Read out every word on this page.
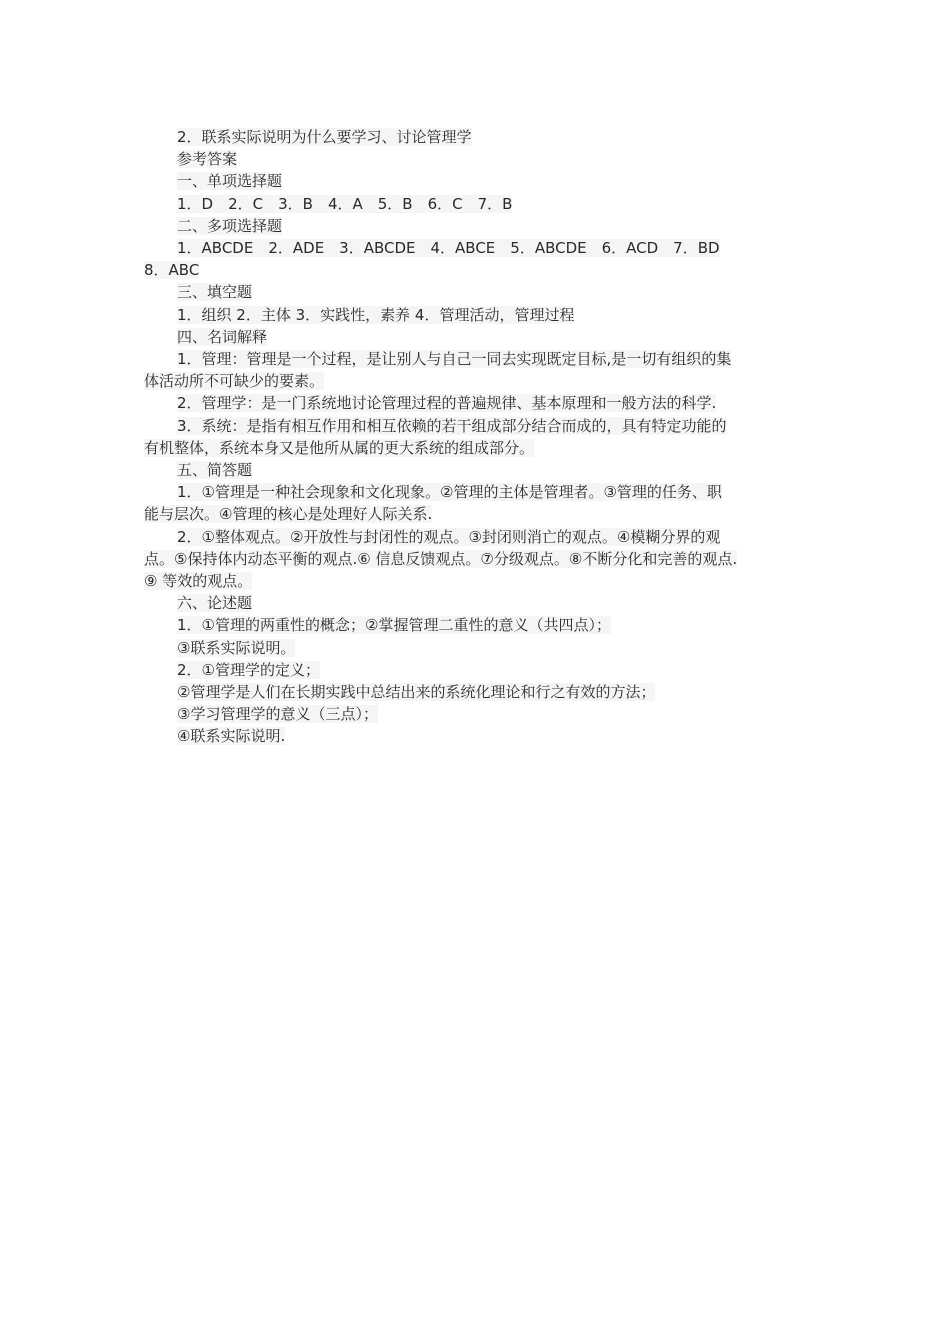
2．联系实际说明为什么要学习、讨论管理学
参考答案
一、单项选择题
1．D　2．C　3．B　4．A　5．B　6．C　7．B
二、多项选择题
1．ABCDE　2．ADE　3．ABCDE　4．ABCE　5．ABCDE　6．ACD　7．BD
8．ABC
三、填空题
1．组织 2．主体 3．实践性，素养 4．管理活动，管理过程
四、名词解释
1．管理：管理是一个过程，是让别人与自己一同去实现既定目标,是一切有组织的集
体活动所不可缺少的要素。
2．管理学：是一门系统地讨论管理过程的普遍规律、基本原理和一般方法的科学.
3．系统：是指有相互作用和相互依赖的若干组成部分结合而成的，具有特定功能的
有机整体，系统本身又是他所从属的更大系统的组成部分。
五、简答题
1．①管理是一种社会现象和文化现象。②管理的主体是管理者。③管理的任务、职
能与层次。④管理的核心是处理好人际关系.
2．①整体观点。②开放性与封闭性的观点。③封闭则消亡的观点。④模糊分界的观
点。⑤保持体内动态平衡的观点.⑥ 信息反馈观点。⑦分级观点。⑧不断分化和完善的观点.
⑨ 等效的观点。
六、论述题
1．①管理的两重性的概念；②掌握管理二重性的意义（共四点）；
③联系实际说明。
2．①管理学的定义；
②管理学是人们在长期实践中总结出来的系统化理论和行之有效的方法；
③学习管理学的意义（三点）；
④联系实际说明.
